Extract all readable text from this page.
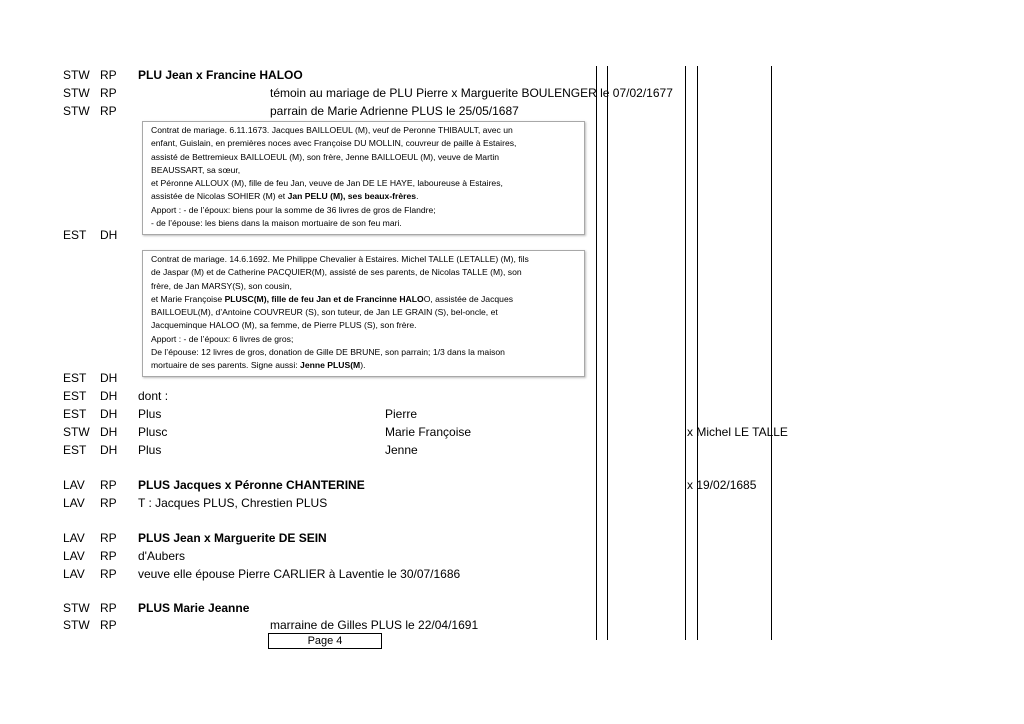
STW RP PLU Jean x Francine HALOO
STW RP	témoin au mariage de PLU Pierre x Marguerite BOULENGER le 07/02/1677
STW RP	parrain de Marie Adrienne PLUS le 25/05/1687
Contrat de mariage. 6.11.1673. Jacques BAILLOEUL (M), veuf de Peronne THIBAULT, avec un
enfant, Guislain, en premières noces avec Françoise DU MOLLIN, couvreur de paille à Estaires,
assisté de Bettremieux BAILLOEUL (M), son frère, Jenne BAILLOEUL (M), veuve de Martin
BEAUSSART, sa sœur,
et Péronne ALLOUX (M), fille de feu Jan, veuve de Jan DE LE HAYE, laboureuse à Estaires,
assistée de Nicolas SOHIER (M) et Jan PELU (M), ses beaux-frères.
Apport : - de l’époux: biens pour la somme de 36 livres de gros de Flandre;
- de l’épouse: les biens dans la maison mortuaire de son feu mari.
EST DH
Contrat de mariage. 14.6.1692. Me Philippe Chevalier à Estaires. Michel TALLE (LETALLE) (M), fils
de Jaspar (M) et de Catherine PACQUIER(M), assisté de ses parents, de Nicolas TALLE (M), son
frère, de Jan MARSY(S), son cousin,
et Marie Françoise PLUSC(M), fille de feu Jan et de Francinne HALOO, assistée de Jacques
BAILLOEUL(M), d’Antoine COUVREUR (S), son tuteur, de Jan LE GRAIN (S), bel-oncle, et
Jacqueminque HALOO (M), sa femme, de Pierre PLUS (S), son frère.
Apport : - de l’époux: 6 livres de gros;
De l’épouse: 12 livres de gros, donation de Gille DE BRUNE, son parrain; 1/3 dans la maison
mortuaire de ses parents. Signe aussi: Jenne PLUS(M).
EST DH
EST DH dont :
EST DH Plus	Pierre
STW DH Plusc	Marie Françoise	x Michel LE TALLE
EST DH Plus	Jenne
LAV RP PLUS Jacques x Péronne CHANTERINE	x 19/02/1685
LAV RP T : Jacques PLUS, Chrestien PLUS
LAV RP PLUS Jean x Marguerite DE SEIN
LAV RP d'Aubers
LAV RP veuve elle épouse Pierre CARLIER à Laventie le 30/07/1686
STW RP PLUS Marie Jeanne
STW RP	marraine de Gilles PLUS le 22/04/1691
Page 4
